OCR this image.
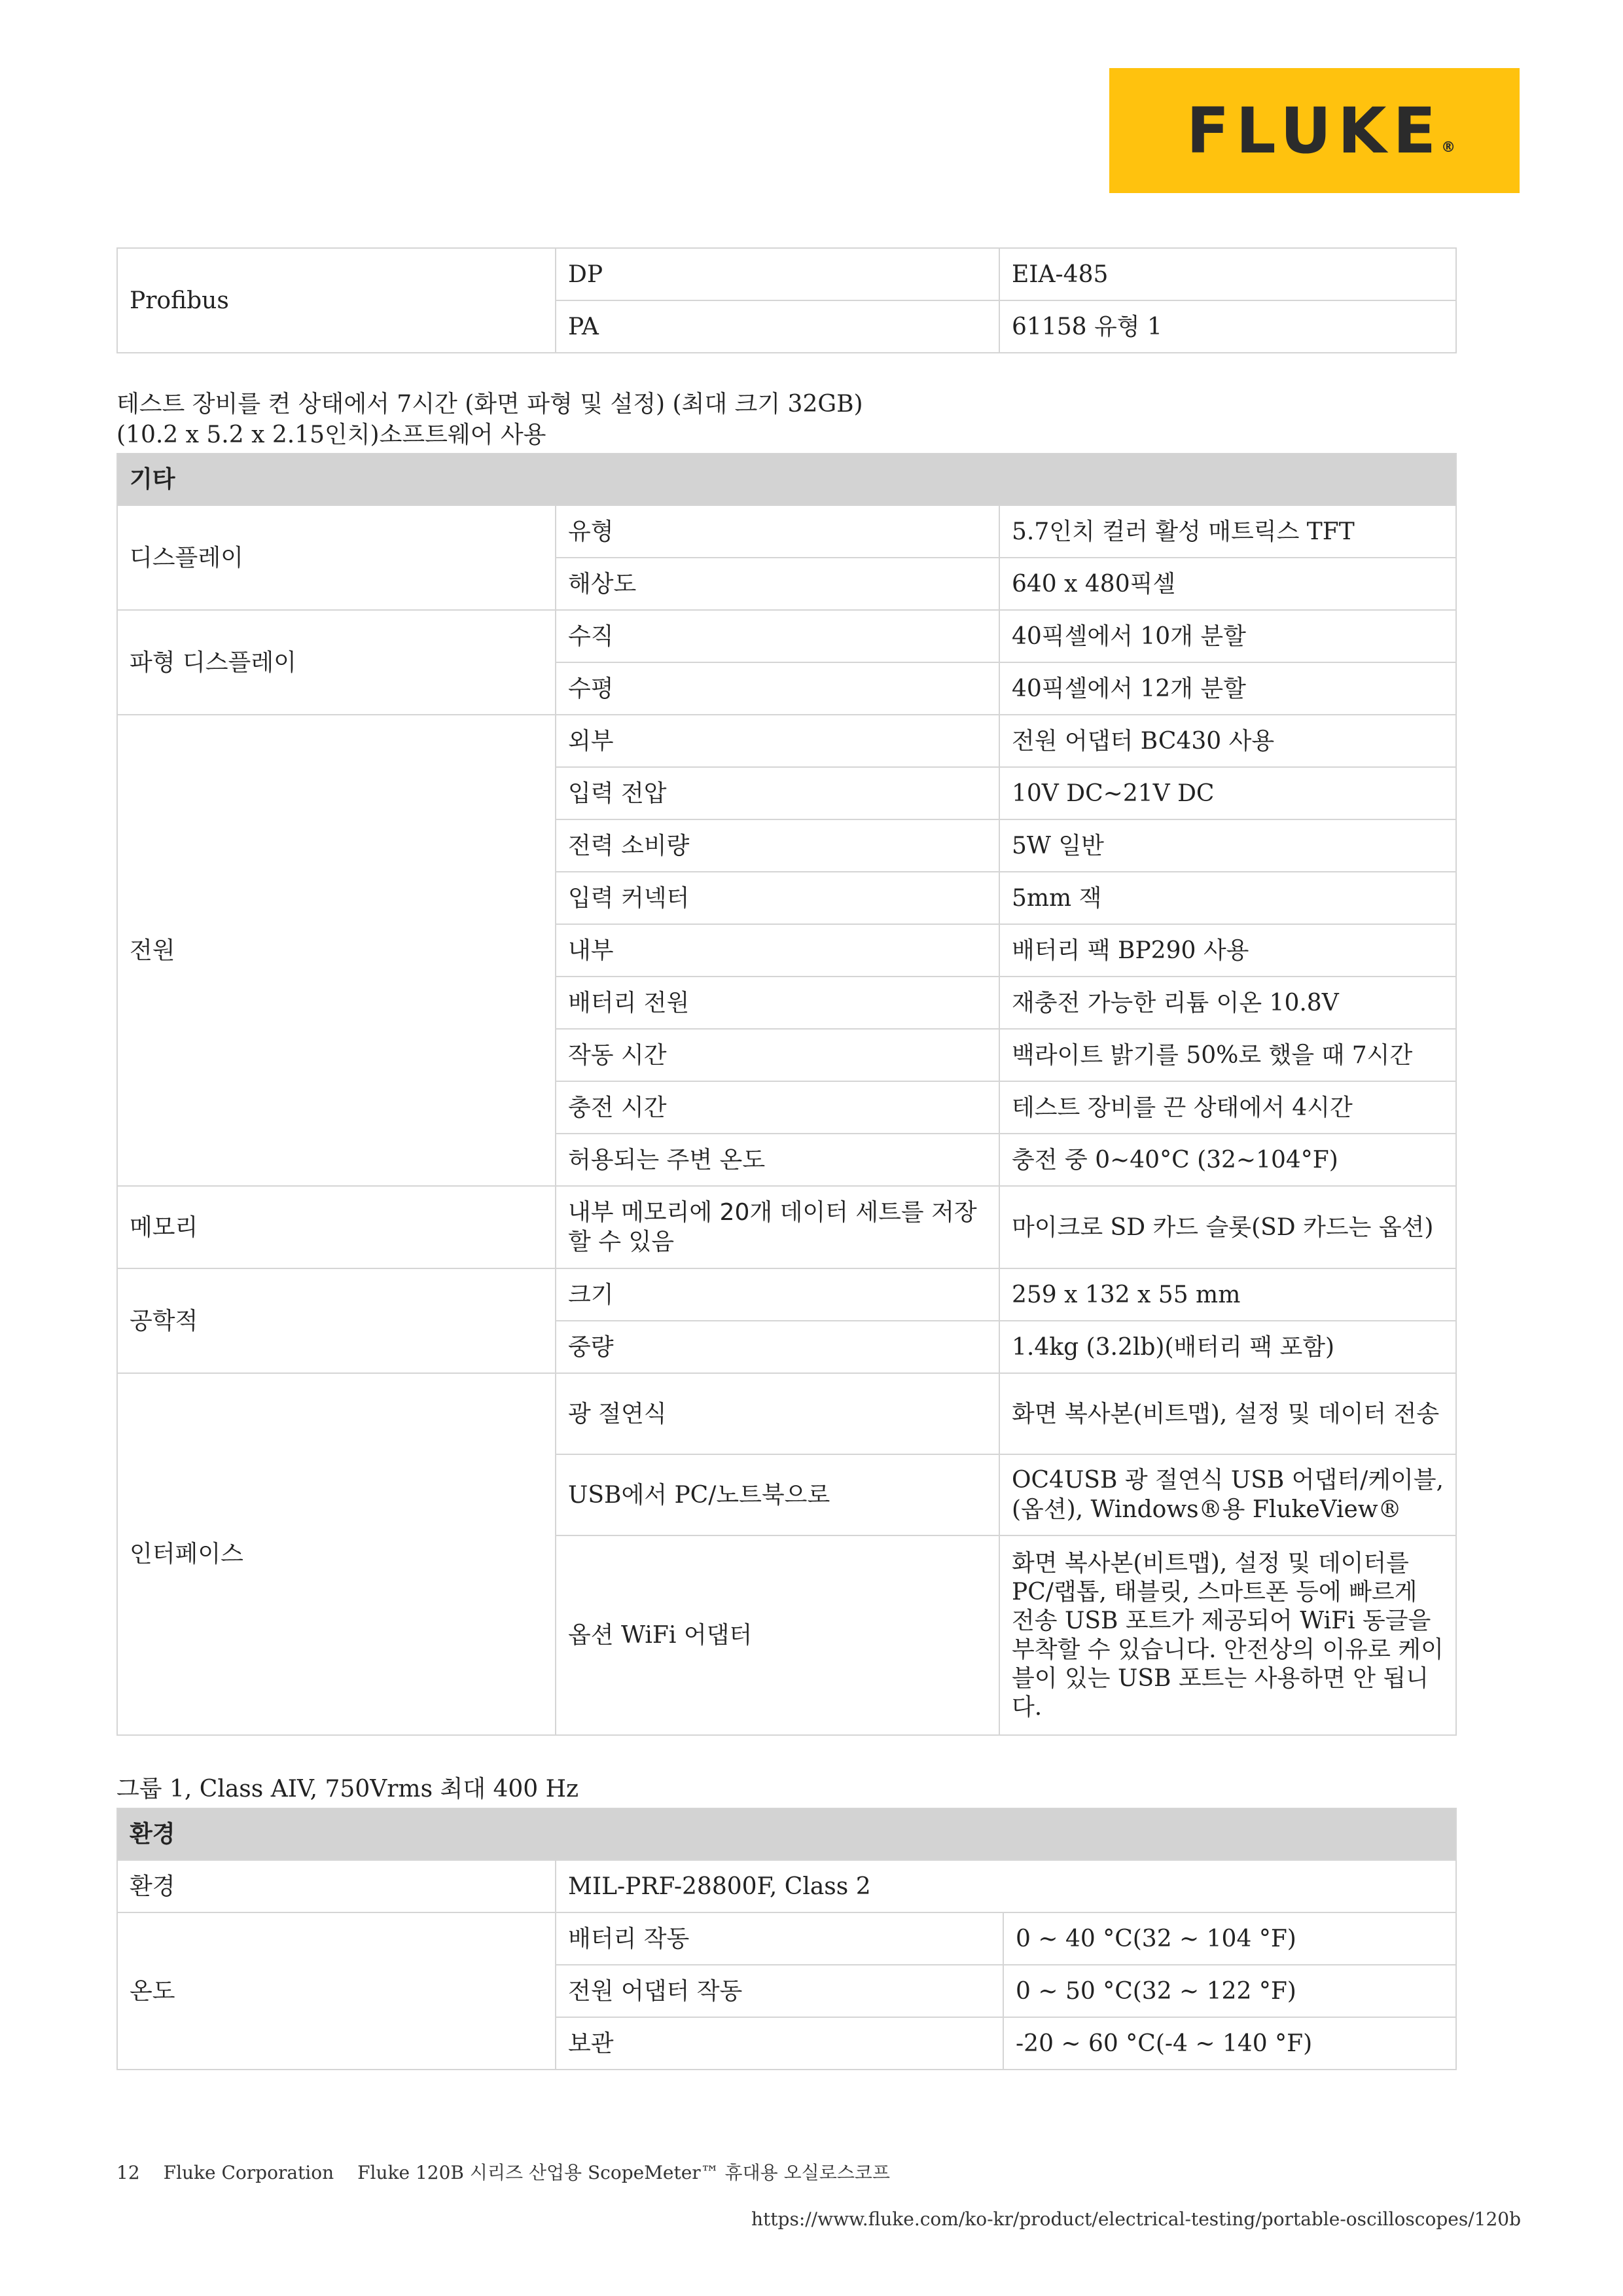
FLUKE
®
Profibus	DP	EIA-485
	PA	61158 유형 1
테스트 장비를 켠 상태에서 7시간 (화면 파형 및 설정) (최대 크기 32GB)
(10.2 x 5.2 x 2.15인치)소프트웨어 사용
기타		
디스플레이	유형	5.7인치 컬러 활성 매트릭스 TFT
	해상도	640 x 480픽셀
파형 디스플레이	수직	40픽셀에서 10개 분할
	수평	40픽셀에서 12개 분할
전원	외부	전원 어댑터 BC430 사용
	입력 전압	10V DC~21V DC
	전력 소비량	5W 일반
	입력 커넥터	5mm 잭
	내부	배터리 팩 BP290 사용
	배터리 전원	재충전 가능한 리튬 이온 10.8V
	작동 시간	백라이트 밝기를 50%로 했을 때 7시간
	충전 시간	테스트 장비를 끈 상태에서 4시간
	허용되는 주변 온도	충전 중 0~40°C (32~104°F)
메모리	내부 메모리에 20개 데이터 세트를 저장할 수 있음	마이크로 SD 카드 슬롯(SD 카드는 옵션)
공학적	크기	259 x 132 x 55 mm
	중량	1.4kg (3.2lb)(배터리 팩 포함)
인터페이스	광 절연식	화면 복사본(비트맵), 설정 및 데이터 전송
	USB에서 PC/노트북으로	OC4USB 광 절연식 USB 어댑터/케이블, (옵션), Windows®용 FlukeView®
	옵션 WiFi 어댑터	화면 복사본(비트맵), 설정 및 데이터를 PC/랩톱, 태블릿, 스마트폰 등에 빠르게 전송 USB 포트가 제공되어 WiFi 동글을 부착할 수 있습니다. 안전상의 이유로 케이블이 있는 USB 포트는 사용하면 안 됩니다.
그룹 1, Class AIV, 750Vrms 최대 400 Hz
환경		
환경	MIL-PRF-28800F, Class 2	
온도	배터리 작동	0 ~ 40 °C(32 ~ 104 °F)
	전원 어댑터 작동	0 ~ 50 °C(32 ~ 122 °F)
	보관	-20 ~ 60 °C(-4 ~ 140 °F)
12 Fluke Corporation Fluke 120B 시리즈 산업용 ScopeMeter™ 휴대용 오실로스코프
https://www.fluke.com/ko-kr/product/electrical-testing/portable-oscilloscopes/120b
